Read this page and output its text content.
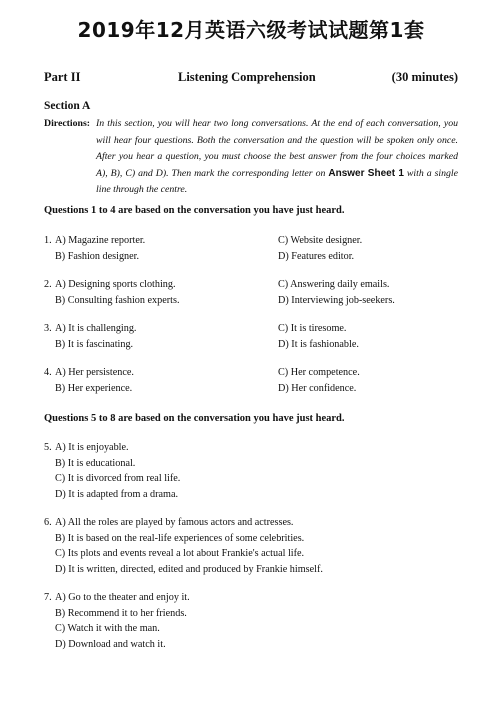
2019年12月英语六级考试试题第1套
Part II	Listening Comprehension	(30 minutes)
Section A
Directions: In this section, you will hear two long conversations. At the end of each conversation, you will hear four questions. Both the conversation and the question will be spoken only once. After you hear a question, you must choose the best answer from the four choices marked A), B), C) and D). Then mark the corresponding letter on Answer Sheet 1 with a single line through the centre.
Questions 1 to 4 are based on the conversation you have just heard.
1. A) Magazine reporter.	C) Website designer.
B) Fashion designer.	D) Features editor.
2. A) Designing sports clothing.	C) Answering daily emails.
B) Consulting fashion experts.	D) Interviewing job-seekers.
3. A) It is challenging.	C) It is tiresome.
B) It is fascinating.	D) It is fashionable.
4. A) Her persistence.	C) Her competence.
B) Her experience.	D) Her confidence.
Questions 5 to 8 are based on the conversation you have just heard.
5. A) It is enjoyable.
B) It is educational.
C) It is divorced from real life.
D) It is adapted from a drama.
6. A) All the roles are played by famous actors and actresses.
B) It is based on the real-life experiences of some celebrities.
C) Its plots and events reveal a lot about Frankie's actual life.
D) It is written, directed, edited and produced by Frankie himself.
7. A) Go to the theater and enjoy it.
B) Recommend it to her friends.
C) Watch it with the man.
D) Download and watch it.
